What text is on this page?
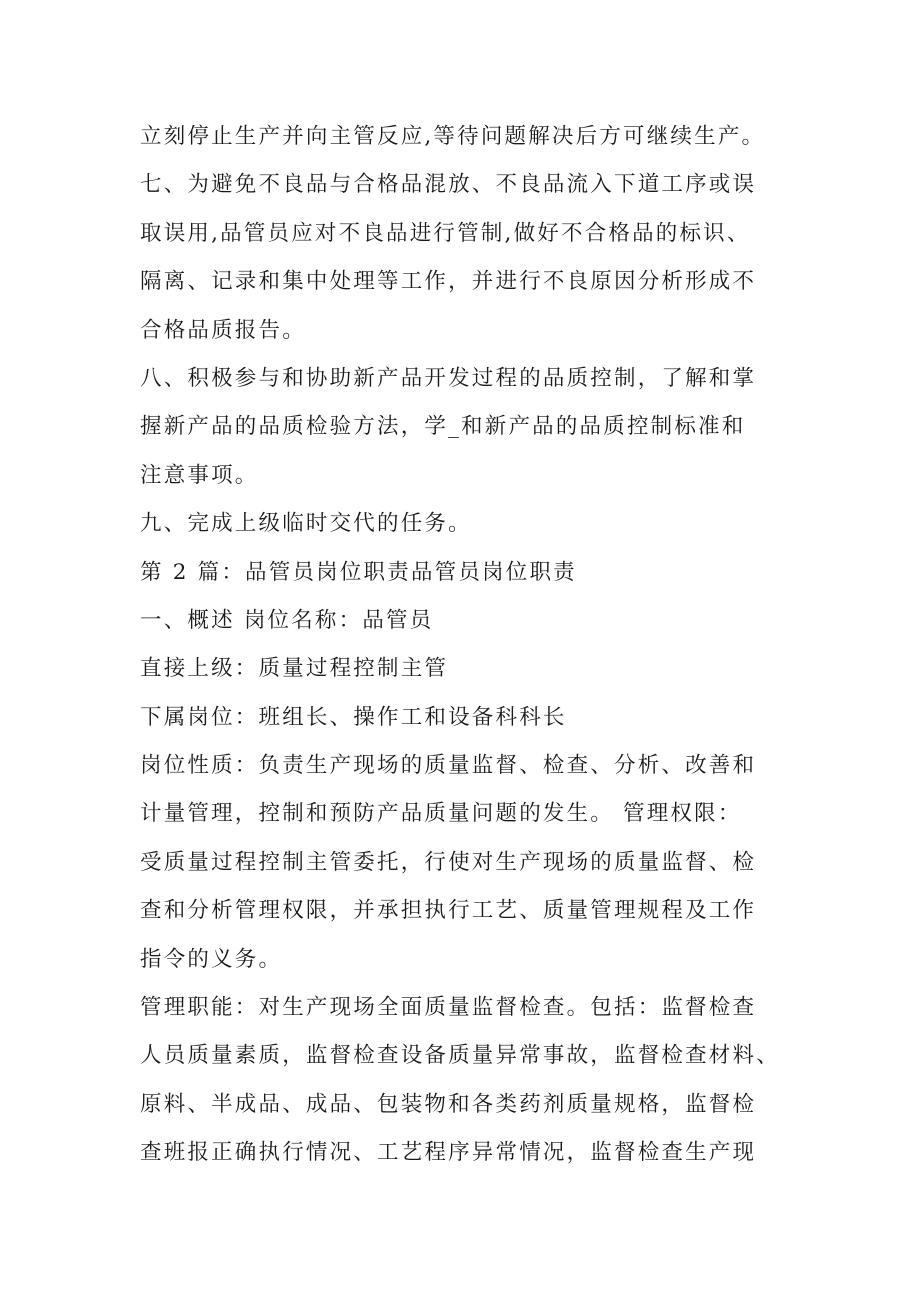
立刻停止生产并向主管反应,等待问题解决后方可继续生产。
七、为避免不良品与合格品混放、不良品流入下道工序或误
取误用,品管员应对不良品进行管制,做好不合格品的标识、
隔离、记录和集中处理等工作，并进行不良原因分析形成不
合格品质报告。
八、积极参与和协助新产品开发过程的品质控制，了解和掌
握新产品的品质检验方法，学_和新产品的品质控制标准和
注意事项。
九、完成上级临时交代的任务。
第 2 篇：品管员岗位职责品管员岗位职责
一、概述 岗位名称：品管员
直接上级：质量过程控制主管
下属岗位：班组长、操作工和设备科科长
岗位性质：负责生产现场的质量监督、检查、分析、改善和
计量管理，控制和预防产品质量问题的发生。 管理权限：
受质量过程控制主管委托，行使对生产现场的质量监督、检
查和分析管理权限，并承担执行工艺、质量管理规程及工作
指令的义务。
管理职能：对生产现场全面质量监督检查。包括：监督检查
人员质量素质，监督检查设备质量异常事故，监督检查材料、
原料、半成品、成品、包装物和各类药剂质量规格，监督检
查班报正确执行情况、工艺程序异常情况，监督检查生产现
